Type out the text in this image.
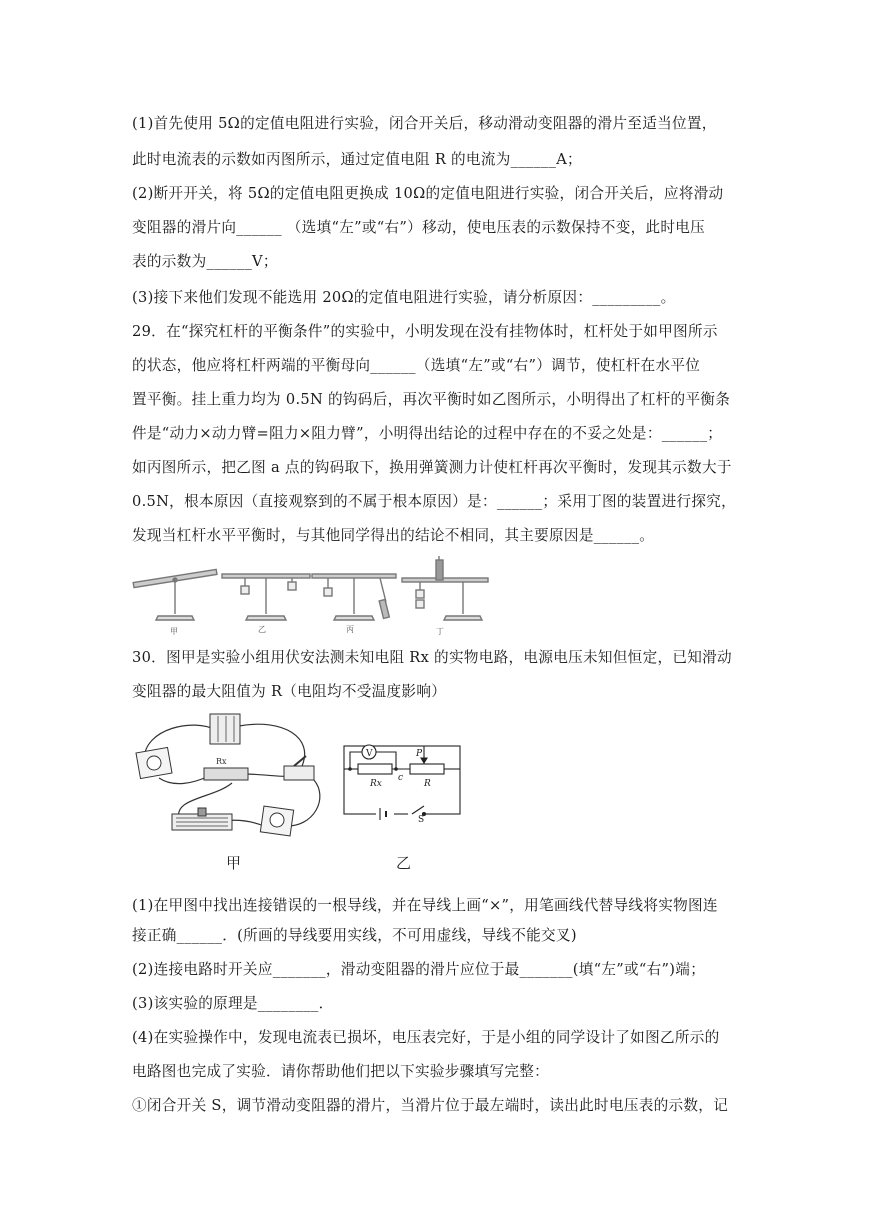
(1)首先使用 5Ω的定值电阻进行实验，闭合开关后，移动滑动变阻器的滑片至适当位置，
此时电流表的示数如丙图所示，通过定值电阻 R 的电流为______A；
(2)断开开关，将 5Ω的定值电阻更换成 10Ω的定值电阻进行实验，闭合开关后，应将滑动
变阻器的滑片向______ （选填“左”或“右”）移动，使电压表的示数保持不变，此时电压
表的示数为______V；
(3)接下来他们发现不能选用 20Ω的定值电阻进行实验，请分析原因：_________。
29．在“探究杠杆的平衡条件”的实验中，小明发现在没有挂物体时，杠杆处于如甲图所示
的状态，他应将杠杆两端的平衡母向______（选填“左”或“右”）调节，使杠杆在水平位
置平衡。挂上重力均为 0.5N 的钩码后，再次平衡时如乙图所示，小明得出了杠杆的平衡条
件是“动力×动力臂=阻力×阻力臂”，小明得出结论的过程中存在的不妥之处是：______；
如丙图所示，把乙图 a 点的钩码取下，换用弹簧测力计使杠杆再次平衡时，发现其示数大于
0.5N，根本原因（直接观察到的不属于根本原因）是：______；采用丁图的装置进行探究，
发现当杠杆水平平衡时，与其他同学得出的结论不相同，其主要原因是______。
甲	乙	丙	丁
30．图甲是实验小组用伏安法测未知电阻 Rx 的实物电路，电源电压未知但恒定，已知滑动
变阻器的最大阻值为 R（电阻均不受温度影响）
Rx
V
Rx
c
P
R
S
甲	乙
(1)在甲图中找出连接错误的一根导线，并在导线上画“×”，用笔画线代替导线将实物图连
接正确______．(所画的导线要用实线，不可用虚线，导线不能交叉)
(2)连接电路时开关应_______，滑动变阻器的滑片应位于最_______(填“左”或“右”)端；
(3)该实验的原理是________．
(4)在实验操作中，发现电流表已损坏，电压表完好，于是小组的同学设计了如图乙所示的
电路图也完成了实验．请你帮助他们把以下实验步骤填写完整：
①闭合开关 S，调节滑动变阻器的滑片，当滑片位于最左端时，读出此时电压表的示数，记
